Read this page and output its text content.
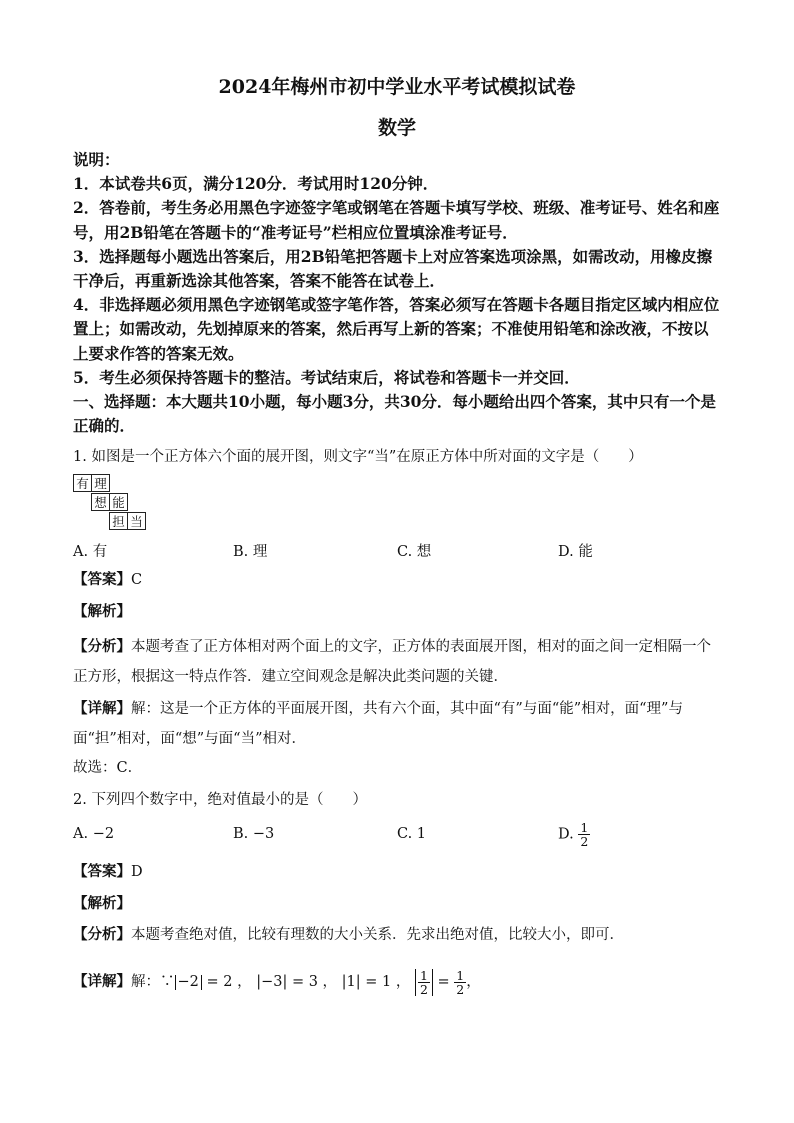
2024年梅州市初中学业水平考试模拟试卷
数学

说明：

1．本试卷共6页，满分120分．考试用时120分钟．

2．答卷前，考生务必用黑色字迹签字笔或钢笔在答题卡填写学校、班级、准考证号、姓名和座号，用2B铅笔在答题卡的“准考证号”栏相应位置填涂准考证号．

3．选择题每小题选出答案后，用2B铅笔把答题卡上对应答案选项涂黑，如需改动，用橡皮擦干净后，再重新选涂其他答案，答案不能答在试卷上．

4．非选择题必须用黑色字迹钢笔或签字笔作答，答案必须写在答题卡各题目指定区域内相应位置上；如需改动，先划掉原来的答案，然后再写上新的答案；不准使用铅笔和涂改液，不按以上要求作答的答案无效。

5．考生必须保持答题卡的整洁。考试结束后，将试卷和答题卡一并交回．

一、选择题：本大题共10小题，每小题3分，共30分．每小题给出四个答案，其中只有一个是正确的．

1. 如图是一个正方体六个面的展开图，则文字“当”在原正方体中所对面的文字是（　　）
有 理
想 能
担 当
A. 有	B. 理	C. 想	D. 能
【答案】C
【解析】
【分析】本题考查了正方体相对两个面上的文字，正方体的表面展开图，相对的面之间一定相隔一个正方形，根据这一特点作答．建立空间观念是解决此类问题的关键．
【详解】解：这是一个正方体的平面展开图，共有六个面，其中面“有”与面“能”相对，面“理”与面“担”相对，面“想”与面“当”相对．
故选：C．
2. 下列四个数字中，绝对值最小的是（　　）
A. −2	B. −3	C. 1	D. $\frac{1}{2}$
【答案】D
【解析】
【分析】本题考查绝对值，比较有理数的大小关系．先求出绝对值，比较大小，即可．
【详解】解：∵ −2 = 2 ， |−3| = 3 ， |1| = 1 ， $\frac{1}{2} = \frac{1}{2}$ ，
